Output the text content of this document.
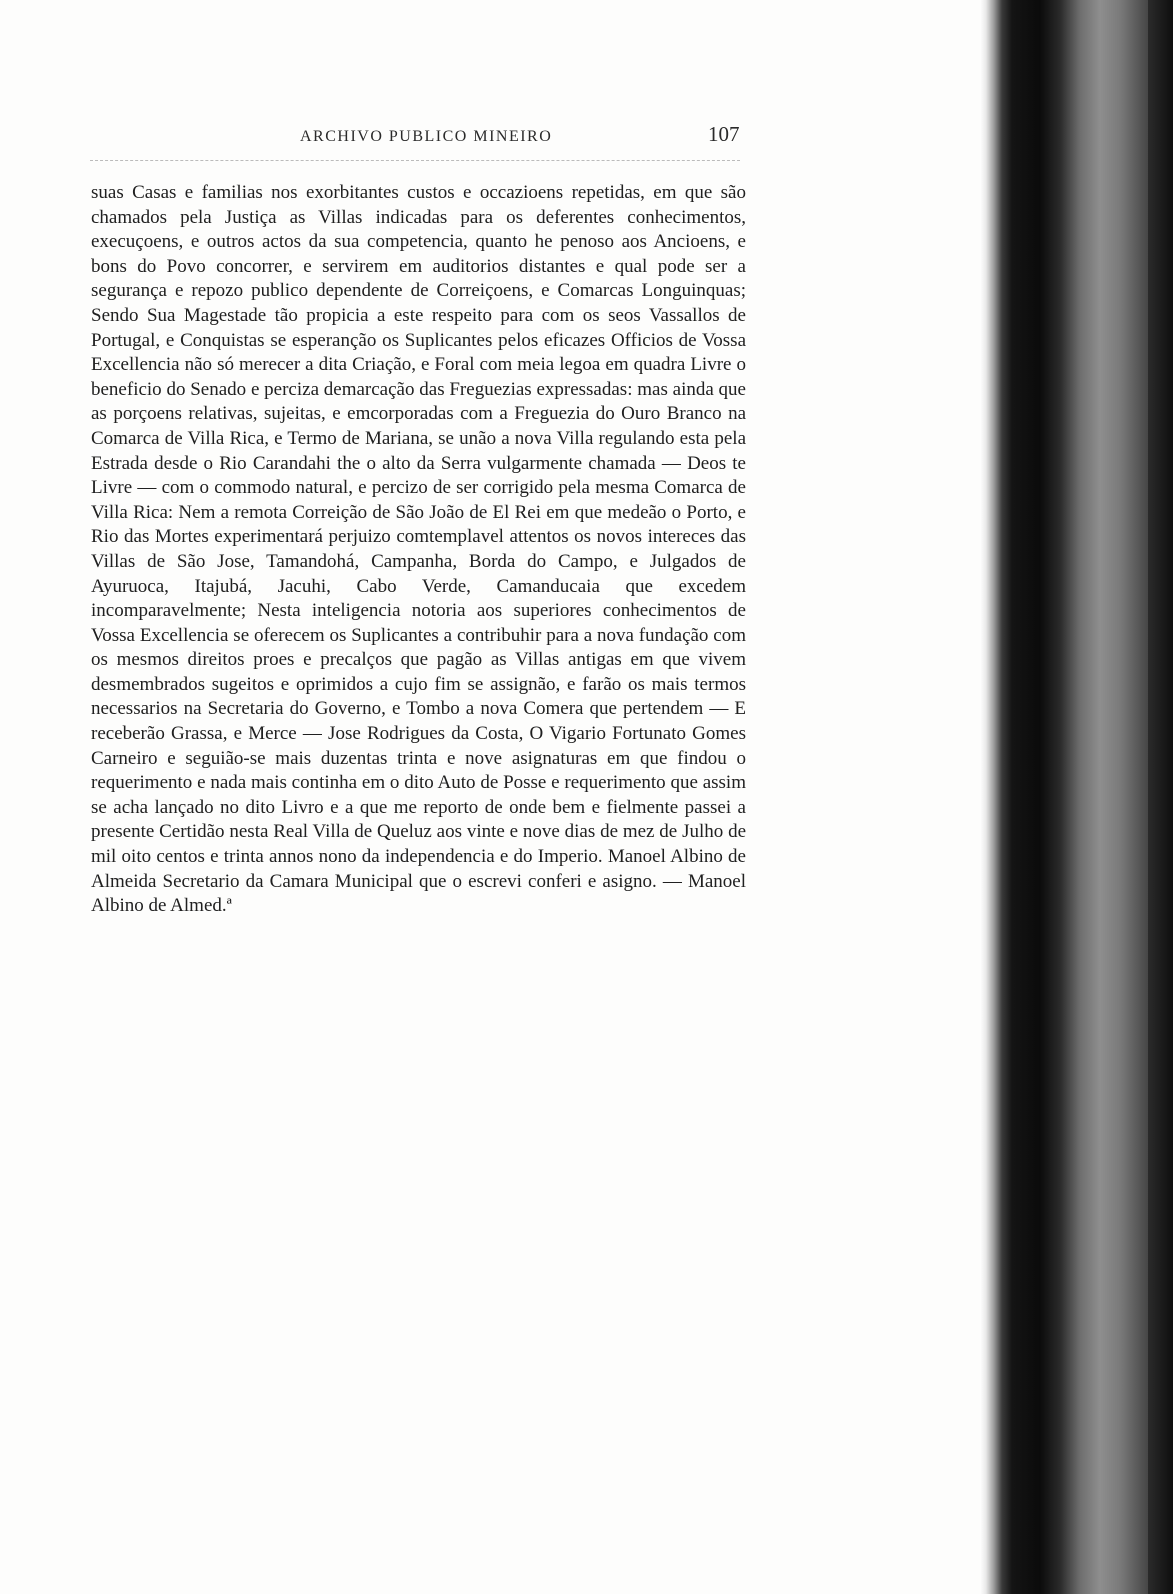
ARCHIVO PUBLICO MINEIRO	107

suas Casas e familias nos exorbitantes custos e occazioens repetidas, em que são chamados pela Justiça as Villas indicadas para os deferentes conhecimentos, execuçoens, e outros actos da sua competencia, quanto he penoso aos Ancioens, e bons do Povo concorrer, e servirem em auditorios distantes e qual pode ser a segurança e repozo publico dependente de Correiçoens, e Comarcas Longuinquas; Sendo Sua Magestade tão propicia a este respeito para com os seos Vassallos de Portugal, e Conquistas se esperanção os Suplicantes pelos eficazes Officios de Vossa Excellencia não só merecer a dita Criação, e Foral com meia legoa em quadra Livre o beneficio do Senado e perciza demarcação das Freguezias expressadas: mas ainda que as porçoens relativas, sujeitas, e emcorporadas com a Freguezia do Ouro Branco na Comarca de Villa Rica, e Termo de Mariana, se unão a nova Villa regulando esta pela Estrada desde o Rio Carandahi the o alto da Serra vulgarmente chamada — Deos te Livre — com o commodo natural, e percizo de ser corrigido pela mesma Comarca de Villa Rica: Nem a remota Correição de São João de El Rei em que medeão o Porto, e Rio das Mortes experimentará perjuizo comtemplavel attentos os novos intereces das Villas de São Jose, Tamandohá, Campanha, Borda do Campo, e Julgados de Ayuruoca, Itajubá, Jacuhi, Cabo Verde, Camanducaia que excedem incomparavelmente; Nesta inteligencia notoria aos superiores conhecimentos de Vossa Excellencia se oferecem os Suplicantes a contribuhir para a nova fundação com os mesmos direitos proes e precalços que pagão as Villas antigas em que vivem desmembrados sugeitos e oprimidos a cujo fim se assignão, e farão os mais termos necessarios na Secretaria do Governo, e Tombo a nova Comera que pertendem — E receberão Grassa, e Merce — Jose Rodrigues da Costa, O Vigario Fortunato Gomes Carneiro e seguião-se mais duzentas trinta e nove asignaturas em que findou o requerimento e nada mais continha em o dito Auto de Posse e requerimento que assim se acha lançado no dito Livro e a que me reporto de onde bem e fielmente passei a presente Certidão nesta Real Villa de Queluz aos vinte e nove dias de mez de Julho de mil oito centos e trinta annos nono da independencia e do Imperio. Manoel Albino de Almeida Secretario da Camara Municipal que o escrevi conferi e asigno. — Manoel Albino de Almed.ª
